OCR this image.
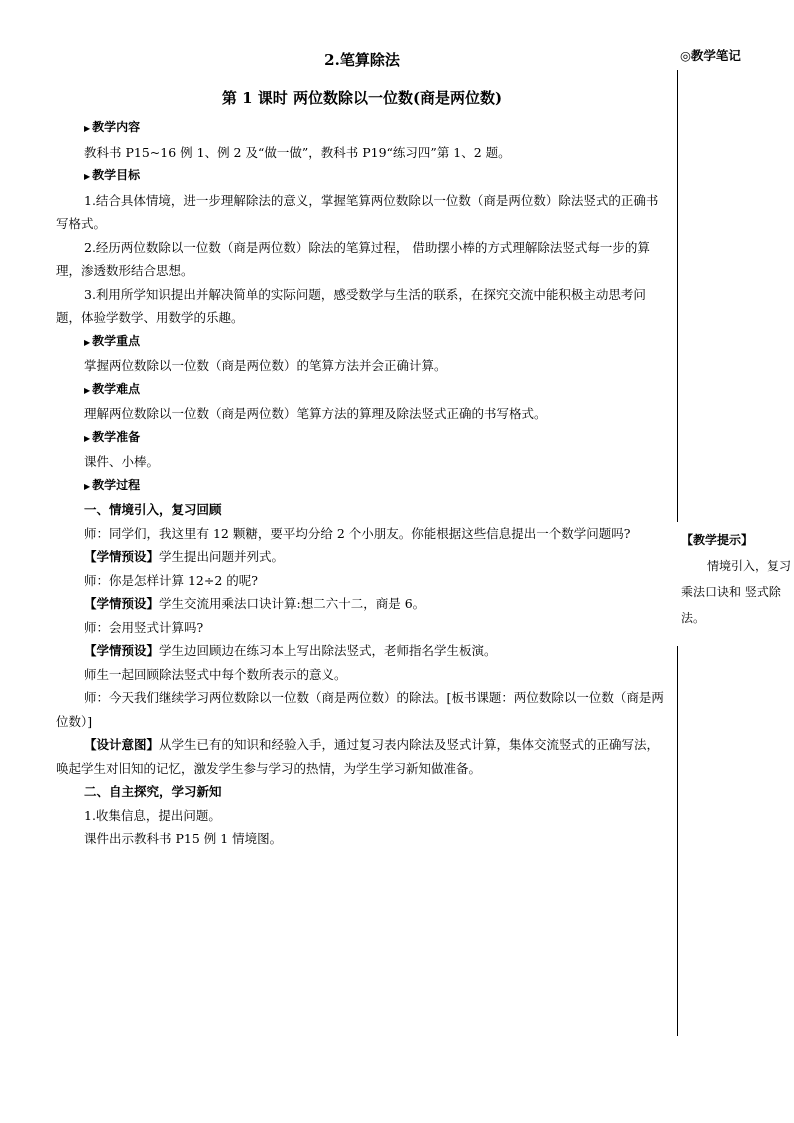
2.笔算除法
第 1 课时 两位数除以一位数(商是两位数)
▶ 教学内容

教科书 P15~16 例 1、例 2 及“做一做”，教科书 P19“练习四”第 1、2 题。

▶ 教学目标

1.结合具体情境，进一步理解除法的意义，掌握笔算两位数除以一位数（商是两位数）除法竖式的正确书写格式。

2.经历两位数除以一位数（商是两位数）除法的笔算过程， 借助摆小棒的方式理解除法竖式每一步的算理，渗透数形结合思想。

3.利用所学知识提出并解决简单的实际问题，感受数学与生活的联系，在探究交流中能积极主动思考问题，体验学数学、用数学的乐趣。

▶ 教学重点

掌握两位数除以一位数（商是两位数）的笔算方法并会正确计算。

▶ 教学难点

理解两位数除以一位数（商是两位数）笔算方法的算理及除法竖式正确的书写格式。

▶ 教学准备

课件、小棒。

▶ 教学过程

一、情境引入，复习回顾

师：同学们，我这里有 12 颗糖，要平均分给 2 个小朋友。你能根据这些信息提出一个数学问题吗?

【学情预设】学生提出问题并列式。

师：你是怎样计算 12÷2 的呢?

【学情预设】学生交流用乘法口诀计算:想二六十二，商是 6。

师：会用竖式计算吗?

【学情预设】学生边回顾边在练习本上写出除法竖式，老师指名学生板演。

师生一起回顾除法竖式中每个数所表示的意义。

师：今天我们继续学习两位数除以一位数（商是两位数）的除法。[板书课题：两位数除以一位数（商是两位数）]

【设计意图】从学生已有的知识和经验入手，通过复习表内除法及竖式计算，集体交流竖式的正确写法，唤起学生对旧知的记忆，激发学生参与学习的热情，为学生学习新知做准备。

二、自主探究，学习新知

1.收集信息，提出问题。

课件出示教科书 P15 例 1 情境图。

◎教学笔记
【教学提示】
情境引入，复习乘法口诀和 竖式除法。
